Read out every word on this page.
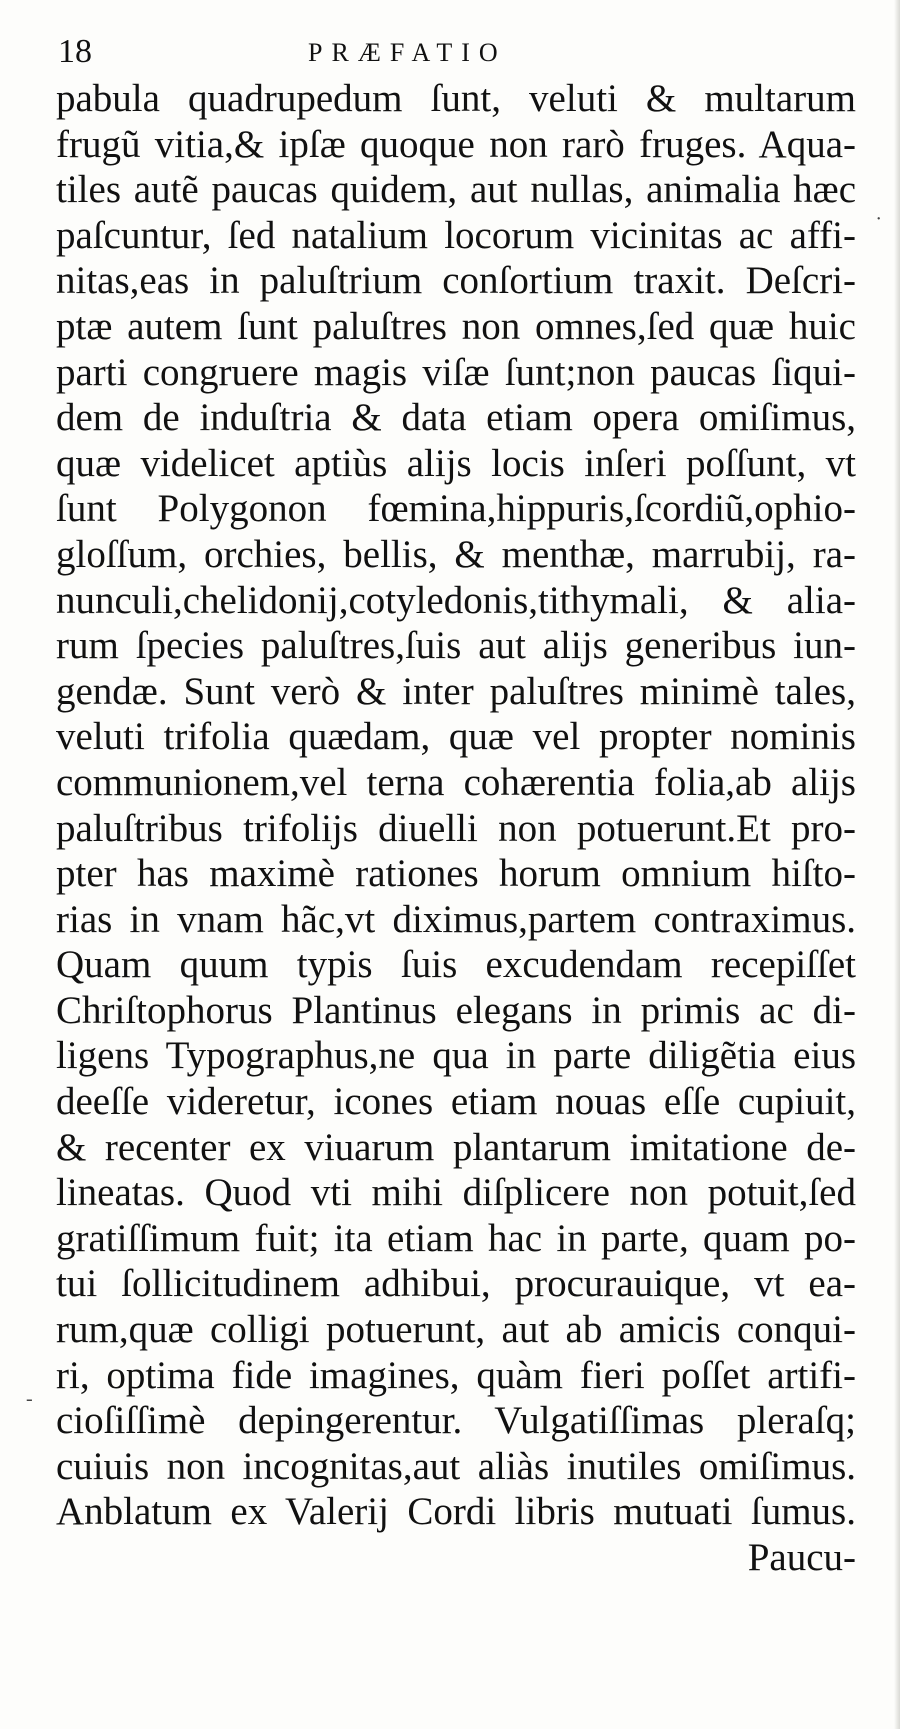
18	PRÆFATIO
pabula quadrupedum ſunt, veluti & multarum
frugũ vitia,& ipſæ quoque non rarò fruges. Aqua-
tiles autẽ paucas quidem, aut nullas, animalia hæc
paſcuntur, ſed natalium locorum vicinitas ac affi-
nitas,eas in paluſtrium conſortium traxit. Deſcri-
ptæ autem ſunt paluſtres non omnes,ſed quæ huic
parti congruere magis viſæ ſunt;non paucas ſiqui-
dem de induſtria & data etiam opera omiſimus,
quæ videlicet aptiùs alijs locis inſeri poſſunt, vt
ſunt Polygonon fœmina,hippuris,ſcordiũ,ophio-
gloſſum, orchies, bellis, & menthæ, marrubij, ra-
nunculi,chelidonij,cotyledonis,tithymali, & alia-
rum ſpecies paluſtres,ſuis aut alijs generibus iun-
gendæ. Sunt verò & inter paluſtres minimè tales,
veluti trifolia quædam, quæ vel propter nominis
communionem,vel terna cohærentia folia,ab alijs
paluſtribus trifolijs diuelli non potuerunt.Et pro-
pter has maximè rationes horum omnium hiſto-
rias in vnam hãc,vt diximus,partem contraximus.
Quam quum typis ſuis excudendam recepiſſet
Chriſtophorus Plantinus elegans in primis ac di-
ligens Typographus,ne qua in parte diligẽtia eius
deeſſe videretur, icones etiam nouas eſſe cupiuit,
& recenter ex viuarum plantarum imitatione de-
lineatas. Quod vti mihi diſplicere non potuit,ſed
gratiſſimum fuit; ita etiam hac in parte, quam po-
tui ſollicitudinem adhibui, procurauique, vt ea-
rum,quæ colligi potuerunt, aut ab amicis conqui-
ri, optima fide imagines, quàm fieri poſſet artifi-
cioſiſſimè depingerentur. Vulgatiſſimas pleraſq;
cuiuis non incognitas,aut aliàs inutiles omiſimus.
Anblatum ex Valerij Cordi libris mutuati ſumus.
Paucu-
·
-
